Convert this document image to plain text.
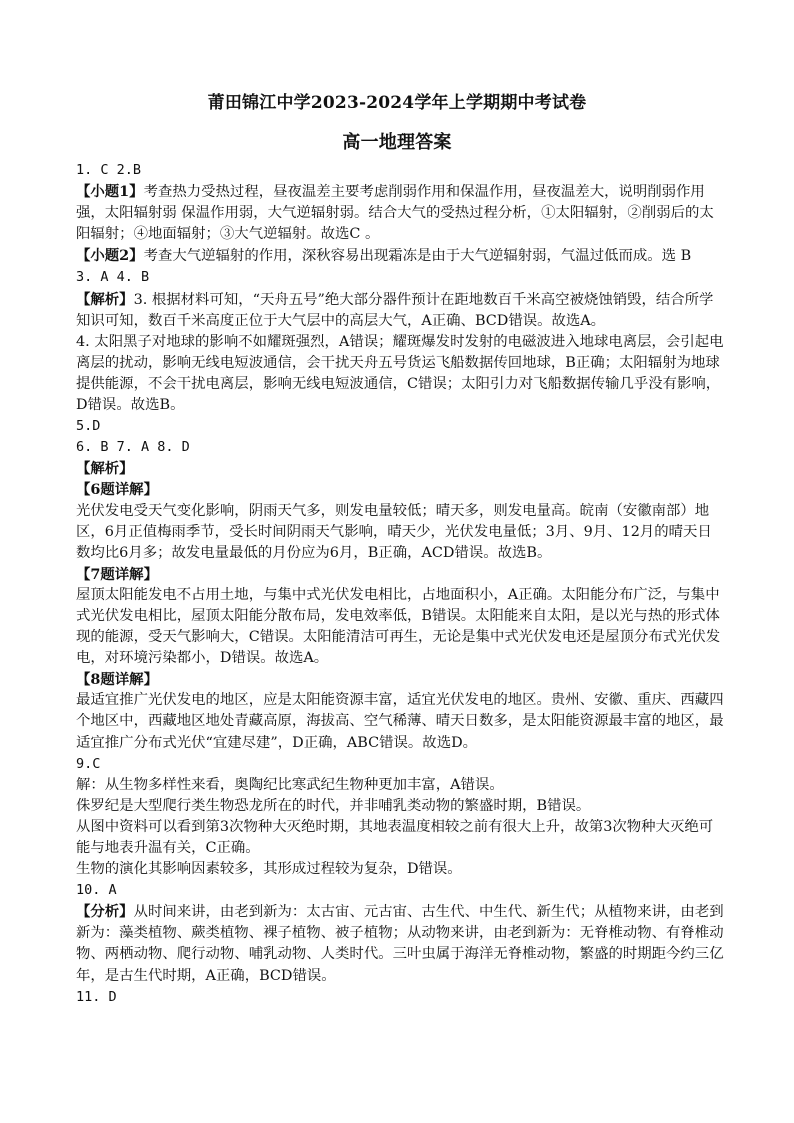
莆田锦江中学2023-2024学年上学期期中考试卷
高一地理答案

1. C 2.B

【小题1】考查热力受热过程，昼夜温差主要考虑削弱作用和保温作用，昼夜温差大，说明削弱作用强，太阳辐射弱 保温作用弱，大气逆辐射弱。结合大气的受热过程分析，①太阳辐射，②削弱后的太阳辐射；④地面辐射；③大气逆辐射。故选C 。

【小题2】考查大气逆辐射的作用，深秋容易出现霜冻是由于大气逆辐射弱，气温过低而成。选 B

3. A 4. B

【解析】3. 根据材料可知，“天舟五号”绝大部分器件预计在距地数百千米高空被烧蚀销毁，结合所学知识可知，数百千米高度正位于大气层中的高层大气，A正确、BCD错误。故选A。

4. 太阳黑子对地球的影响不如耀斑强烈，A错误；耀斑爆发时发射的电磁波进入地球电离层，会引起电离层的扰动，影响无线电短波通信，会干扰天舟五号货运飞船数据传回地球，B正确；太阳辐射为地球提供能源，不会干扰电离层，影响无线电短波通信，C错误；太阳引力对飞船数据传输几乎没有影响，D错误。故选B。

5.D

6. B 7. A 8. D

【解析】

【6题详解】

光伏发电受天气变化影响，阴雨天气多，则发电量较低；晴天多，则发电量高。皖南（安徽南部）地区，6月正值梅雨季节，受长时间阴雨天气影响，晴天少，光伏发电量低；3月、9月、12月的晴天日数均比6月多；故发电量最低的月份应为6月，B正确，ACD错误。故选B。

【7题详解】

屋顶太阳能发电不占用土地，与集中式光伏发电相比，占地面积小，A正确。太阳能分布广泛，与集中式光伏发电相比，屋顶太阳能分散布局，发电效率低，B错误。太阳能来自太阳，是以光与热的形式体现的能源，受天气影响大，C错误。太阳能清洁可再生，无论是集中式光伏发电还是屋顶分布式光伏发电，对环境污染都小，D错误。故选A。

【8题详解】

最适宜推广光伏发电的地区，应是太阳能资源丰富，适宜光伏发电的地区。贵州、安徽、重庆、西藏四个地区中，西藏地区地处青藏高原，海拔高、空气稀薄、晴天日数多，是太阳能资源最丰富的地区，最适宜推广分布式光伏“宜建尽建”，D正确，ABC错误。故选D。

9.C

解：从生物多样性来看，奥陶纪比寒武纪生物种更加丰富，A错误。

侏罗纪是大型爬行类生物恐龙所在的时代，并非哺乳类动物的繁盛时期，B错误。

从图中资料可以看到第3次物种大灭绝时期，其地表温度相较之前有很大上升，故第3次物种大灭绝可能与地表升温有关，C正确。

生物的演化其影响因素较多，其形成过程较为复杂，D错误。

10. A

【分析】从时间来讲，由老到新为：太古宙、元古宙、古生代、中生代、新生代；从植物来讲，由老到新为：藻类植物、蕨类植物、裸子植物、被子植物；从动物来讲，由老到新为：无脊椎动物、有脊椎动物、两栖动物、爬行动物、哺乳动物、人类时代。三叶虫属于海洋无脊椎动物，繁盛的时期距今约三亿年，是古生代时期，A正确，BCD错误。

11. D
